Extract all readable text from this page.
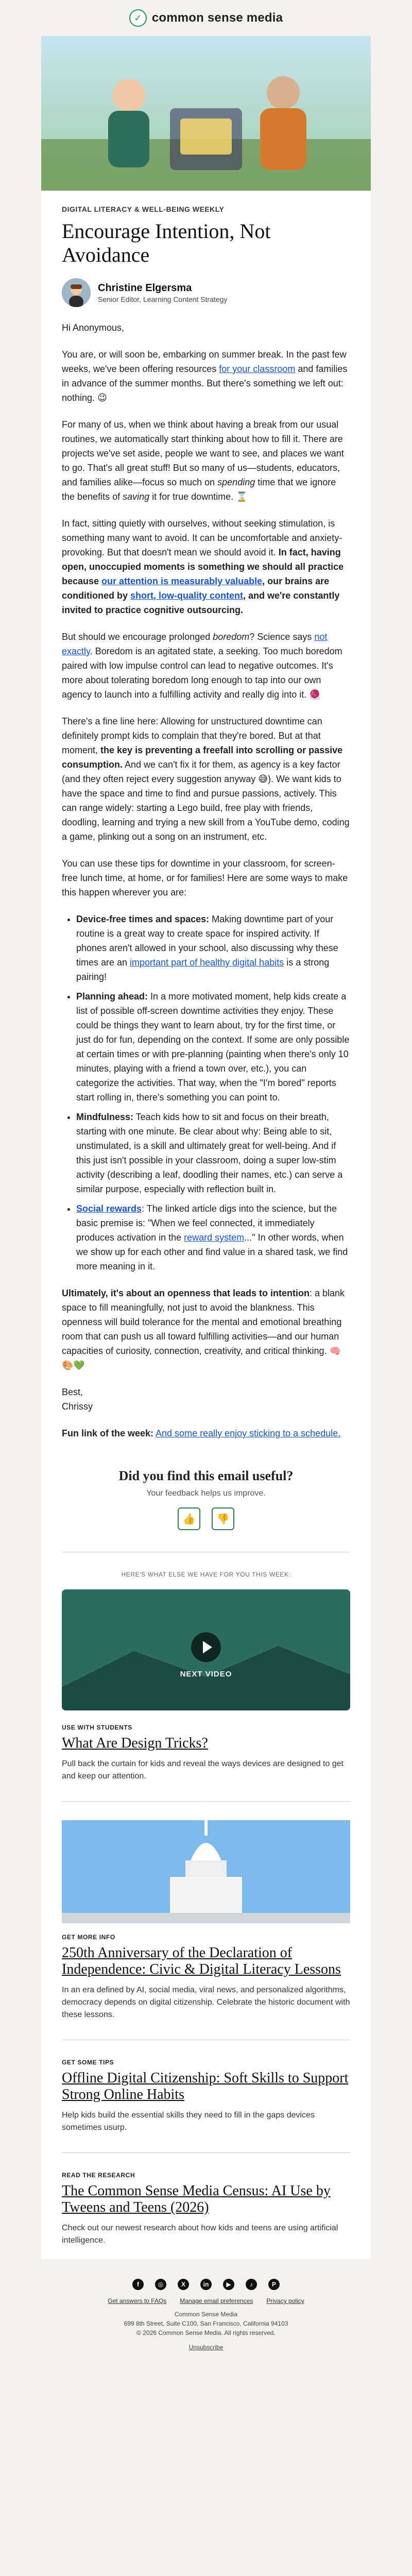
✓ common sense media
DIGITAL LITERACY & WELL-BEING WEEKLY
Encourage Intention, Not Avoidance
Christine Elgersma
Senior Editor, Learning Content Strategy

Hi Anonymous,

You are, or will soon be, embarking on summer break. In the past few weeks, we've been offering resources for your classroom and families in advance of the summer months. But there's something we left out: nothing. 😉

For many of us, when we think about having a break from our usual routines, we automatically start thinking about how to fill it. There are projects we've set aside, people we want to see, and places we want to go. That's all great stuff! But so many of us—students, educators, and families alike—focus so much on spending time that we ignore the benefits of saving it for true downtime. ⌛

In fact, sitting quietly with ourselves, without seeking stimulation, is something many want to avoid. It can be uncomfortable and anxiety-provoking. But that doesn't mean we should avoid it. In fact, having open, unoccupied moments is something we should all practice because our attention is measurably valuable, our brains are conditioned by short, low-quality content, and we're constantly invited to practice cognitive outsourcing.

But should we encourage prolonged boredom? Science says not exactly. Boredom is an agitated state, a seeking. Too much boredom paired with low impulse control can lead to negative outcomes. It's more about tolerating boredom long enough to tap into our own agency to launch into a fulfilling activity and really dig into it. 🧶

There's a fine line here: Allowing for unstructured downtime can definitely prompt kids to complain that they're bored. But at that moment, the key is preventing a freefall into scrolling or passive consumption. And we can't fix it for them, as agency is a key factor (and they often reject every suggestion anyway 😅). We want kids to have the space and time to find and pursue passions, actively. This can range widely: starting a Lego build, free play with friends, doodling, learning and trying a new skill from a YouTube demo, coding a game, plinking out a song on an instrument, etc.

You can use these tips for downtime in your classroom, for screen-free lunch time, at home, or for families! Here are some ways to make this happen wherever you are:

• Device-free times and spaces: Making downtime part of your routine is a great way to create space for inspired activity. If phones aren't allowed in your school, also discussing why these times are an important part of healthy digital habits is a strong pairing!
• Planning ahead: In a more motivated moment, help kids create a list of possible off-screen downtime activities they enjoy. These could be things they want to learn about, try for the first time, or just do for fun, depending on the context. If some are only possible at certain times or with pre-planning (painting when there's only 10 minutes, playing with a friend a town over, etc.), you can categorize the activities. That way, when the "I'm bored" reports start rolling in, there's something you can point to.
• Mindfulness: Teach kids how to sit and focus on their breath, starting with one minute. Be clear about why: Being able to sit, unstimulated, is a skill and ultimately great for well-being. And if this just isn't possible in your classroom, doing a super low-stim activity (describing a leaf, doodling their names, etc.) can serve a similar purpose, especially with reflection built in.
• Social rewards: The linked article digs into the science, but the basic premise is: "When we feel connected, it immediately produces activation in the reward system..." In other words, when we show up for each other and find value in a shared task, we find more meaning in it.

Ultimately, it's about an openness that leads to intention: a blank space to fill meaningfully, not just to avoid the blankness. This openness will build tolerance for the mental and emotional breathing room that can push us all toward fulfilling activities—and our human capacities of curiosity, connection, creativity, and critical thinking. 🧠🎨💚

Best,

Chrissy

Fun link of the week: And some really enjoy sticking to a schedule.

Did you find this email useful?
Your feedback helps us improve.
👍	👎
HERE'S WHAT ELSE WE HAVE FOR YOU THIS WEEK:
NEXT VIDEO
USE WITH STUDENTS
What Are Design Tricks?
Pull back the curtain for kids and reveal the ways devices are designed to get and keep our attention.
GET MORE INFO
250th Anniversary of the Declaration of Independence: Civic & Digital Literacy Lessons
In an era defined by AI, social media, viral news, and personalized algorithms, democracy depends on digital citizenship. Celebrate the historic document with these lessons.
GET SOME TIPS
Offline Digital Citizenship: Soft Skills to Support Strong Online Habits
Help kids build the essential skills they need to fill in the gaps devices sometimes usurp.
READ THE RESEARCH
The Common Sense Media Census: AI Use by Tweens and Teens (2026)
Check out our newest research about how kids and teens are using artificial intelligence.
f	◎	X	in	▶	♪	P
Get answers to FAQs Manage email preferences Privacy policy
Common Sense Media
699 8th Street, Suite C100, San Francisco, California 94103
© 2026 Common Sense Media. All rights reserved.
Unsubscribe
